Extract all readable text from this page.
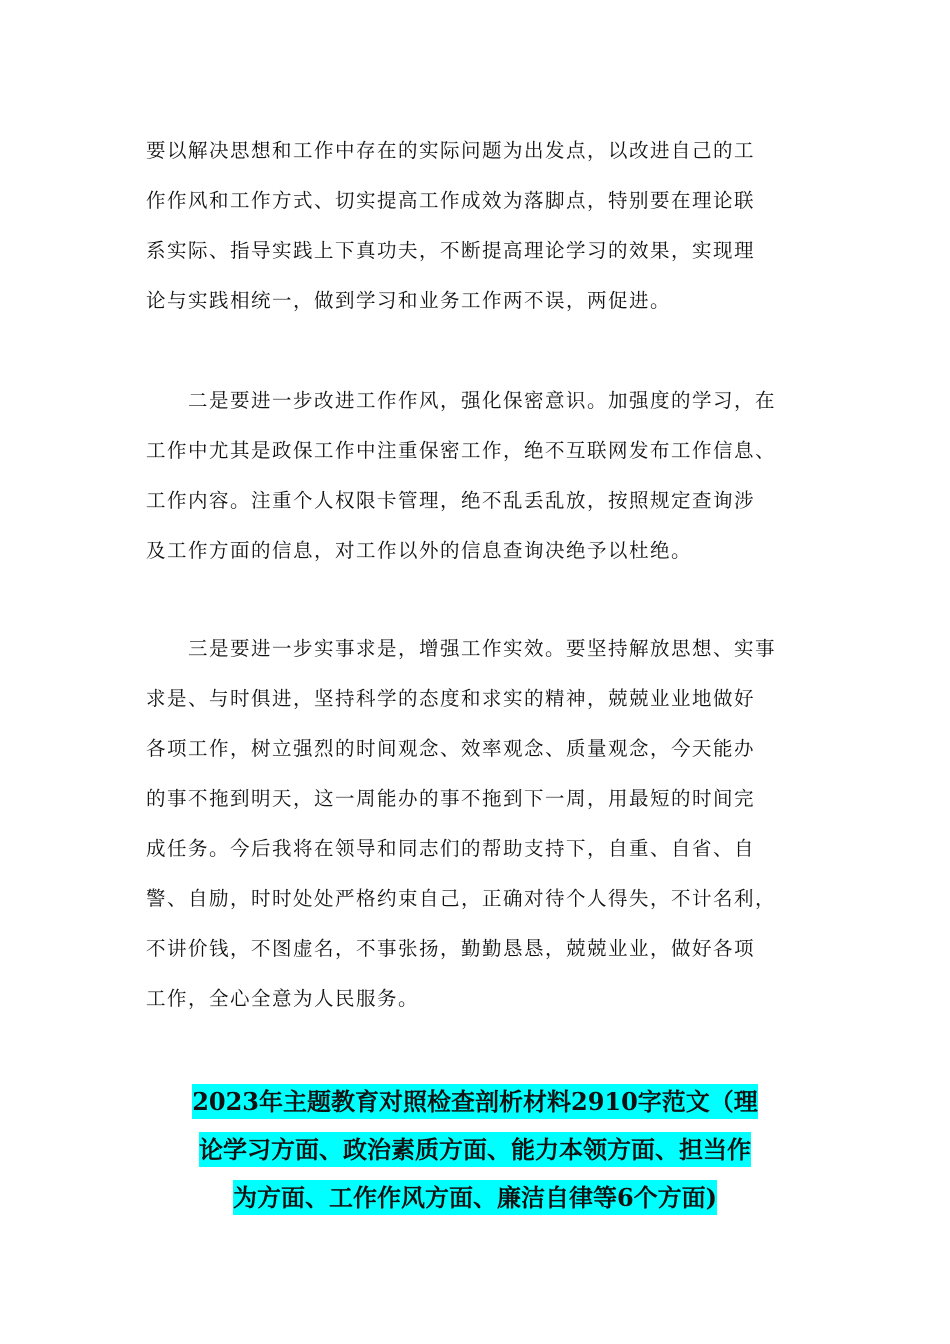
要以解决思想和工作中存在的实际问题为出发点，以改进自己的工
作作风和工作方式、切实提高工作成效为落脚点，特别要在理论联
系实际、指导实践上下真功夫，不断提高理论学习的效果，实现理
论与实践相统一，做到学习和业务工作两不误，两促进。
　　二是要进一步改进工作作风，强化保密意识。加强度的学习，在
工作中尤其是政保工作中注重保密工作，绝不互联网发布工作信息、
工作内容。注重个人权限卡管理，绝不乱丢乱放，按照规定查询涉
及工作方面的信息，对工作以外的信息查询决绝予以杜绝。
　　三是要进一步实事求是，增强工作实效。要坚持解放思想、实事
求是、与时俱进，坚持科学的态度和求实的精神，兢兢业业地做好
各项工作，树立强烈的时间观念、效率观念、质量观念，今天能办
的事不拖到明天，这一周能办的事不拖到下一周，用最短的时间完
成任务。今后我将在领导和同志们的帮助支持下，自重、自省、自
警、自励，时时处处严格约束自己，正确对待个人得失，不计名利，
不讲价钱，不图虚名，不事张扬，勤勤恳恳，兢兢业业，做好各项
工作，全心全意为人民服务。
2023年主题教育对照检查剖析材料2910字范文（理
论学习方面、政治素质方面、能力本领方面、担当作
为方面、工作作风方面、廉洁自律等6个方面)
